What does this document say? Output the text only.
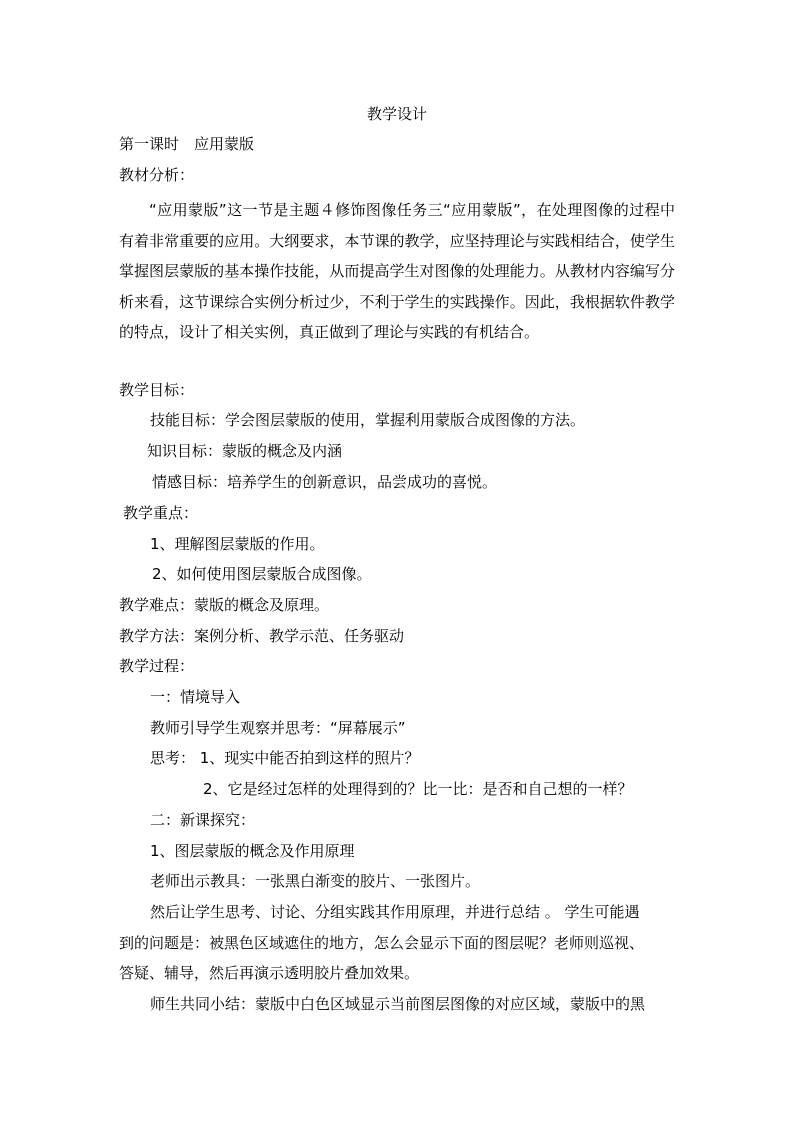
教学设计

第一课时　应用蒙版

教材分析：

“应用蒙版”这一节是主题４修饰图像任务三“应用蒙版”，在处理图像的过程中有着非常重要的应用。大纲要求，本节课的教学，应坚持理论与实践相结合，使学生掌握图层蒙版的基本操作技能，从而提高学生对图像的处理能力。从教材内容编写分析来看，这节课综合实例分析过少，不利于学生的实践操作。因此，我根据软件教学的特点，设计了相关实例，真正做到了理论与实践的有机结合。

教学目标：

技能目标：学会图层蒙版的使用，掌握利用蒙版合成图像的方法。

知识目标：蒙版的概念及内涵

情感目标：培养学生的创新意识，品尝成功的喜悦。

教学重点：

1、理解图层蒙版的作用。

2、如何使用图层蒙版合成图像。

教学难点：蒙版的概念及原理。

教学方法：案例分析、教学示范、任务驱动

教学过程：

一：情境导入

教师引导学生观察并思考：“屏幕展示”

思考： 1、现实中能否拍到这样的照片？

2、它是经过怎样的处理得到的？比一比：是否和自己想的一样？

二：新课探究：

1、图层蒙版的概念及作用原理

老师出示教具：一张黑白渐变的胶片、一张图片。

然后让学生思考、讨论、分组实践其作用原理，并进行总结 。 学生可能遇

到的问题是：被黑色区域遮住的地方，怎么会显示下面的图层呢？老师则巡视、

答疑、辅导，然后再演示透明胶片叠加效果。

师生共同小结：蒙版中白色区域显示当前图层图像的对应区域，蒙版中的黑
